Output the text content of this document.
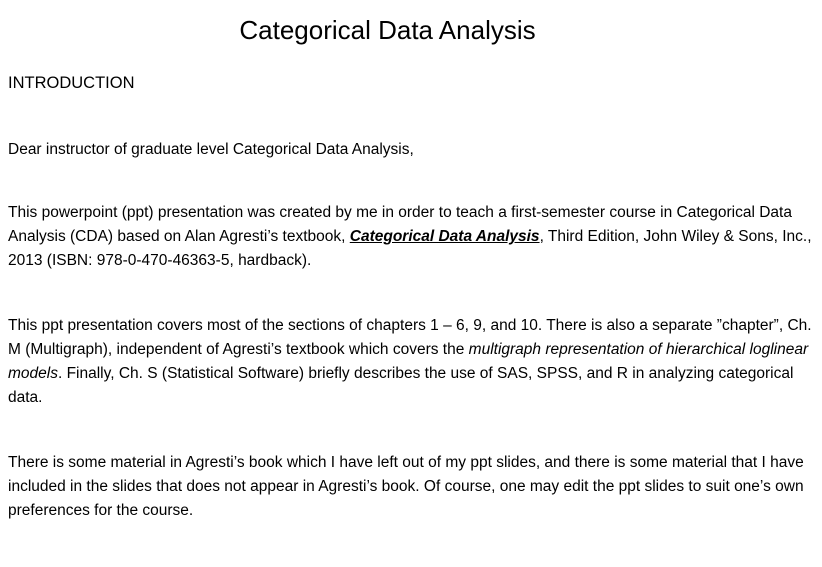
Categorical Data Analysis

INTRODUCTION

Dear instructor of graduate level Categorical Data Analysis,

This powerpoint (ppt) presentation was created by me in order to teach a first-semester course in Categorical Data Analysis (CDA) based on Alan Agresti’s textbook, Categorical Data Analysis, Third Edition, John Wiley & Sons, Inc., 2013 (ISBN: 978-0-470-46363-5, hardback).

This ppt presentation covers most of the sections of chapters 1 – 6, 9, and 10. There is also a separate ”chapter”, Ch. M (Multigraph), independent of Agresti’s textbook which covers the multigraph representation of hierarchical loglinear models. Finally, Ch. S (Statistical Software) briefly describes the use of SAS, SPSS, and R in analyzing categorical data.

There is some material in Agresti’s book which I have left out of my ppt slides, and there is some material that I have included in the slides that does not appear in Agresti’s book. Of course, one may edit the ppt slides to suit one’s own preferences for the course.
